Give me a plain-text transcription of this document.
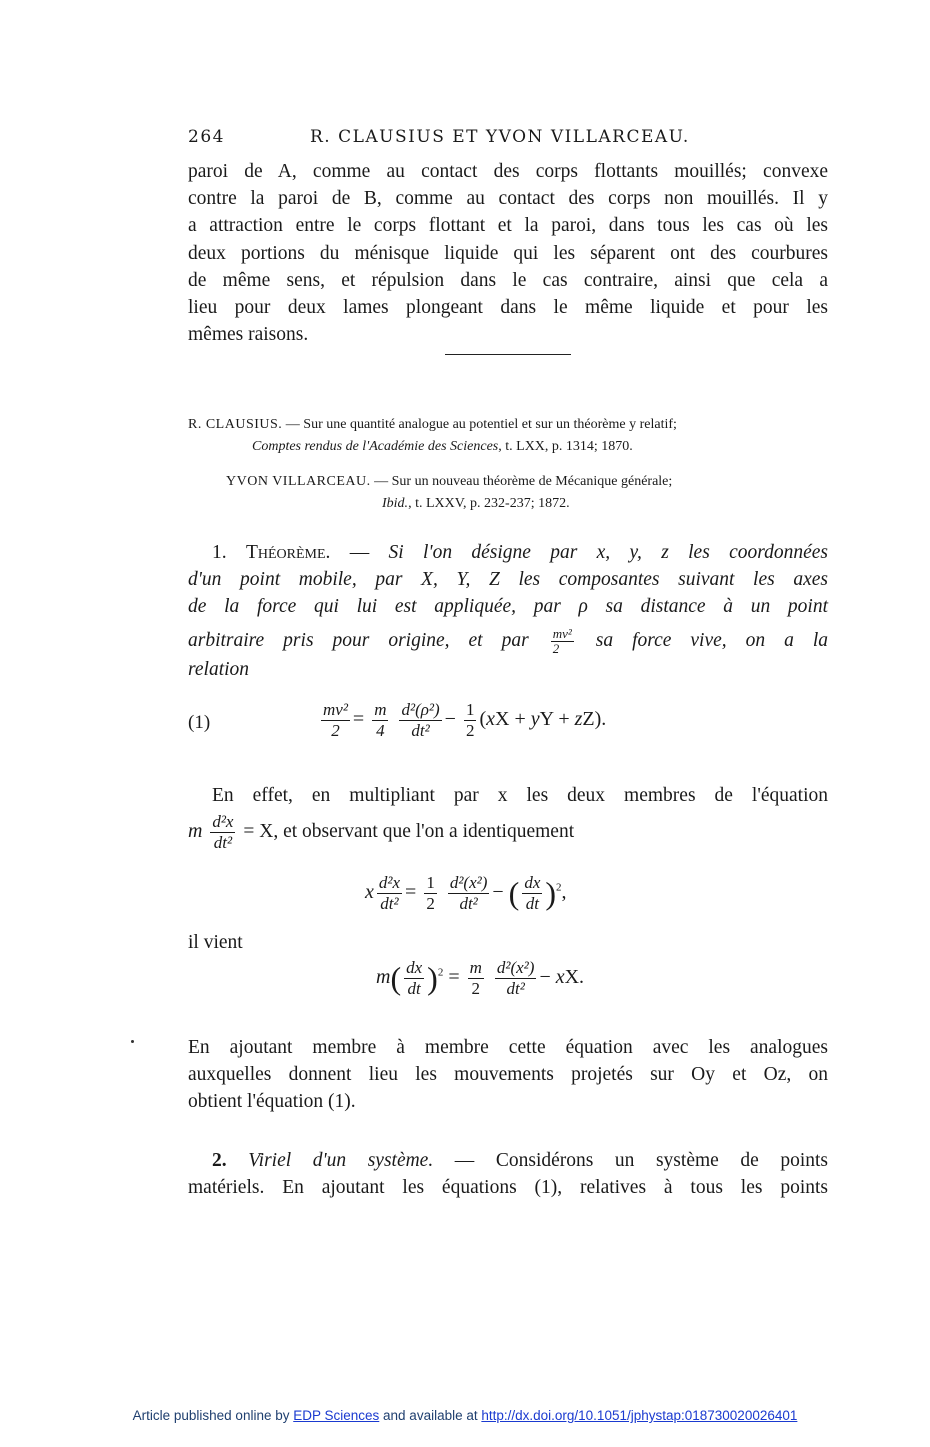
264	R. CLAUSIUS ET YVON VILLARCEAU.
paroi de A, comme au contact des corps flottants mouillés; convexe
contre la paroi de B, comme au contact des corps non mouillés. Il y
a attraction entre le corps flottant et la paroi, dans tous les cas où les
deux portions du ménisque liquide qui les séparent ont des courbures
de même sens, et répulsion dans le cas contraire, ainsi que cela a
lieu pour deux lames plongeant dans le même liquide et pour les
mêmes raisons.
R. CLAUSIUS. — Sur une quantité analogue au potentiel et sur un théorème y relatif;
Comptes rendus de l'Académie des Sciences, t. LXX, p. 1314; 1870.
YVON VILLARCEAU. — Sur un nouveau théorème de Mécanique générale;
Ibid., t. LXXV, p. 232-237; 1872.
1. Théorème. — Si l'on désigne par x, y, z les coordonnées
d'un point mobile, par X, Y, Z les composantes suivant les axes
de la force qui lui est appliquée, par ρ sa distance à un point
arbitraire pris pour origine, et par $\frac{\text{mv²}}{2}$ sa force vive, on a la
relation
(1)	$\frac{\text{mv²}}{2} = \frac{m}{4}$
$\frac{\text{d²(ρ²)}}{\text{dt²}} - \frac{1}{2} (xX$ + yY + zZ).
En effet, en multipliant par x les deux membres de l'équation
m $\frac{\text{d²x}}{\text{dt²}} = X$, et observant que l'on a identiquement
x $\frac{\text{d²x}}{\text{dt²}} = \frac{1}{2}$
$\frac{\text{d²(x²)}}{\text{dt²}}$ − ( $\frac{dx}{dt} )^2$,
il vient
$m( \frac{dx}{dt} )^2 = \frac{m}{2}$
$\frac{\text{d²(x²)}}{\text{dt²}}$ − xX.
En ajoutant membre à membre cette équation avec les analogues
auxquelles donnent lieu les mouvements projetés sur Oy et Oz, on
obtient l'équation (1).
2. Viriel d'un système. — Considérons un système de points
matériels. En ajoutant les équations (1), relatives à tous les points
Article published online by EDP Sciences and available at http://dx.doi.org/10.1051/jphystap:018730020026401
